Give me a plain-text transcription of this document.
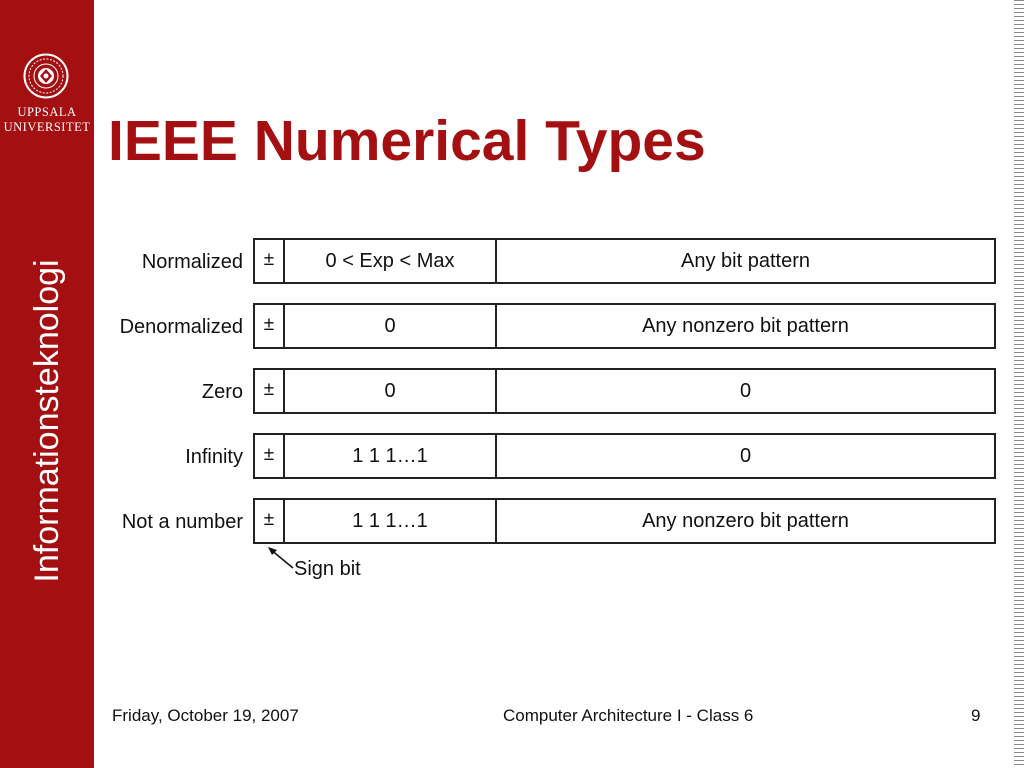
UPPSALA
UNIVERSITET
Informationsteknologi
IEEE Numerical Types
Normalized	±	0 < Exp < Max	Any bit pattern
Denormalized	±	0	Any nonzero bit pattern
Zero	±	0	0
Infinity	±	1 1 1…1	0
Not a number	±	1 1 1…1	Any nonzero bit pattern
Sign bit
Friday, October 19, 2007	Computer Architecture I - Class 6	9
